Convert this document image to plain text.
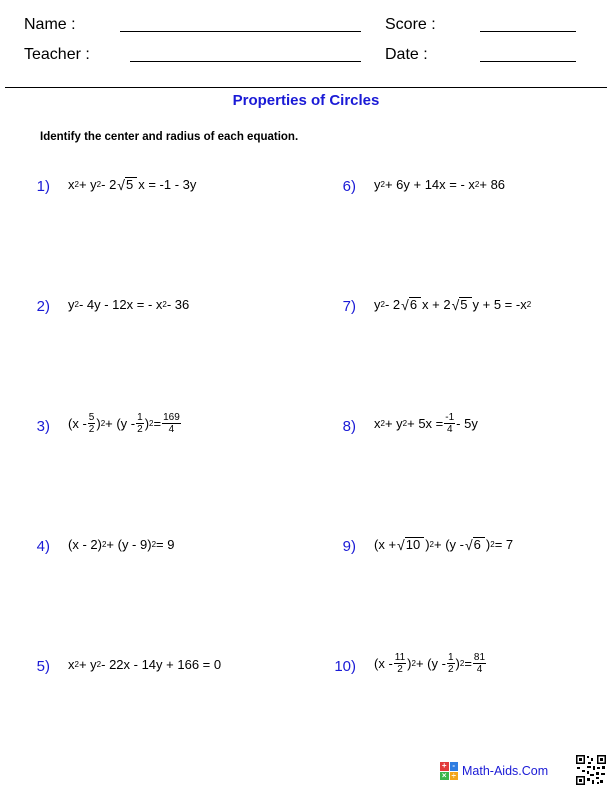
Name :	Score :
Teacher :	Date :
Properties of Circles
Identify the center and radius of each equation.
1)
2)
3)
4)
5)
6)
7)
8)
9)
10)
x 2 + y 2 - 2 √ 5 x = -1 - 3y
y 2 - 4y - 12x = - x 2 - 36
($x - \frac{5}{2}$ ) $2 + (y - \frac{1}{2}$ ) $2 = \frac{169}{4}$
(x - 2) 2 + (y - 9) 2 = 9
x 2 + y 2 - 22x - 14y + 166 = 0
y 2 + 6y + 14x = - x 2 + 86
y 2 - 2 √ 6 x + 2 √ 5 y + 5 = -x 2
x 2 + y $2 + 5x = \frac{-1}{4} - 5y$
(x + √ 10 ) 2 + (y - √ 6 ) 2 = 7
($x - \frac{11}{2}$ ) $2 + (y - \frac{1}{2}$ ) $2 = \frac{81}{4}$
+ -
× ÷ Math-Aids.Com
